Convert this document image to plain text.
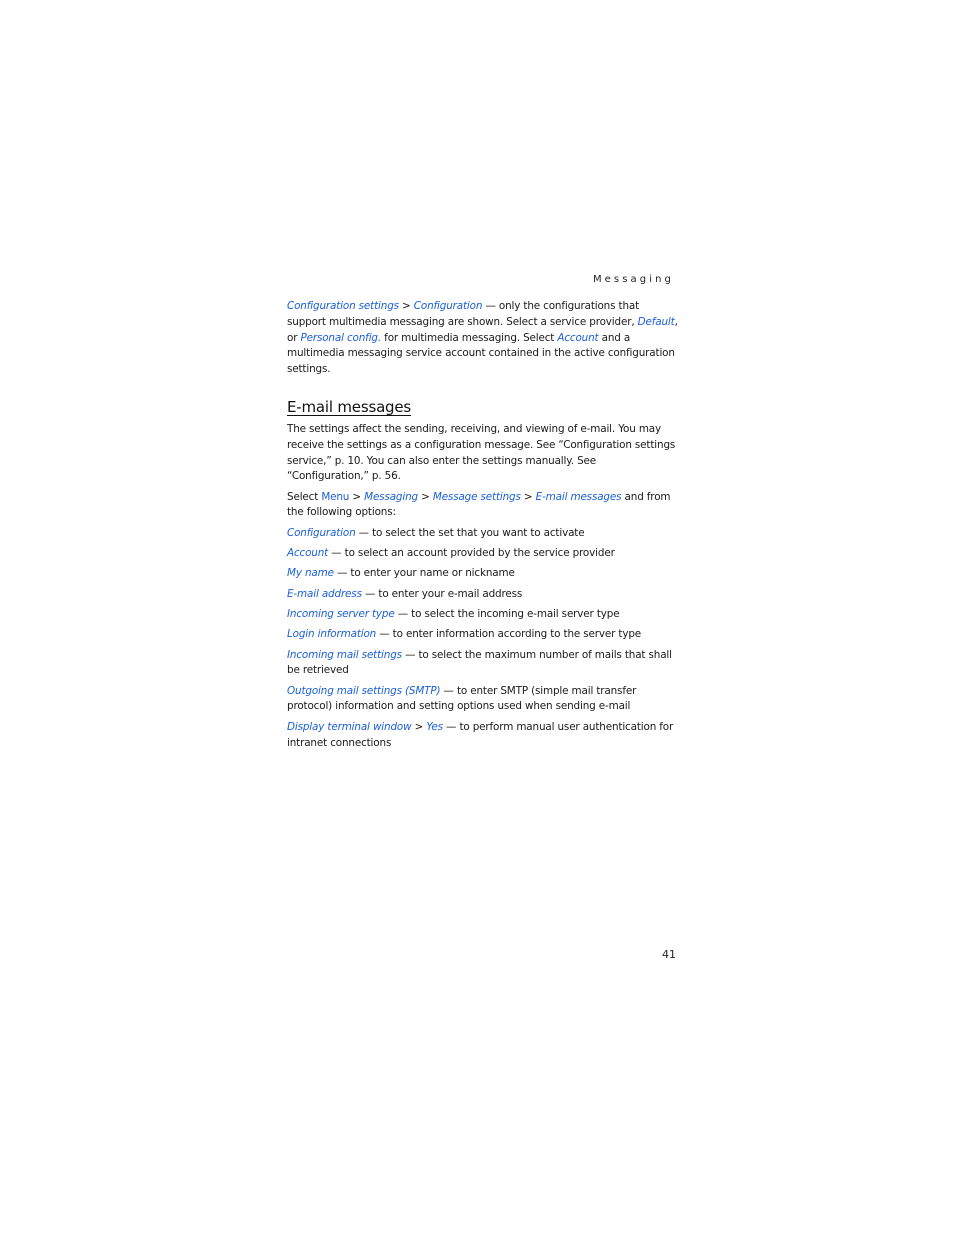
Messaging

Configuration settings > Configuration — only the configurations that support multimedia messaging are shown. Select a service provider, Default, or Personal config. for multimedia messaging. Select Account and a multimedia messaging service account contained in the active configuration settings.

E-mail messages

The settings affect the sending, receiving, and viewing of e-mail. You may receive the settings as a configuration message. See “Configuration settings service,” p. 10. You can also enter the settings manually. See “Configuration,” p. 56.

Select Menu > Messaging > Message settings > E-mail messages and from the following options:

Configuration — to select the set that you want to activate

Account — to select an account provided by the service provider

My name — to enter your name or nickname

E-mail address — to enter your e-mail address

Incoming server type — to select the incoming e-mail server type

Login information — to enter information according to the server type

Incoming mail settings — to select the maximum number of mails that shall be retrieved

Outgoing mail settings (SMTP) — to enter SMTP (simple mail transfer protocol) information and setting options used when sending e-mail

Display terminal window > Yes — to perform manual user authentication for intranet connections

41
